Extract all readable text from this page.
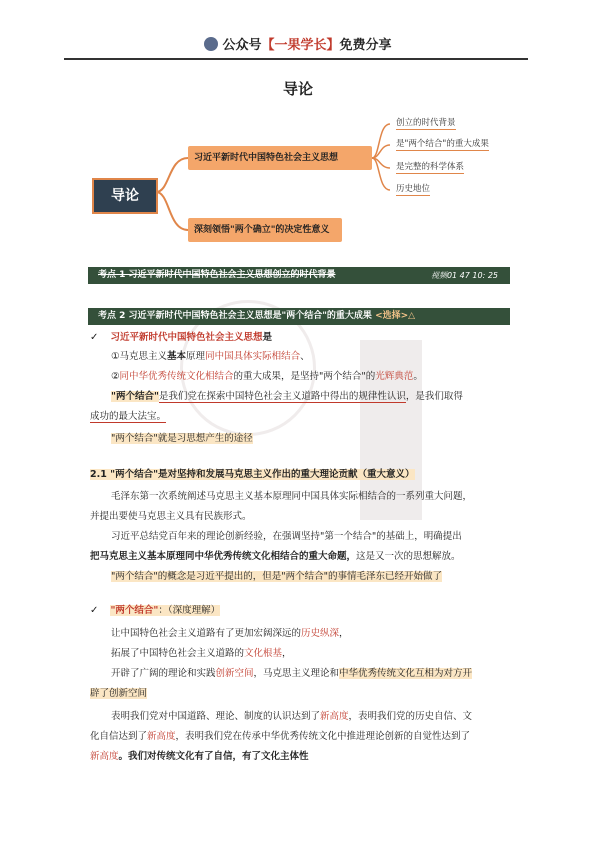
公众号【一果学长】免费分享
导论
导论
习近平新时代中国特色社会主义思想
深刻领悟"两个确立"的决定性意义
创立的时代背景
是"两个结合"的重大成果
是完整的科学体系
历史地位
考点 1 习近平新时代中国特色社会主义思想创立的时代背景	视频01 47 10: 25
考点 2 习近平新时代中国特色社会主义思想是"两个结合"的重大成果 <选择>△
✓ 习近平新时代中国特色社会主义思想是
①马克思主义基本原理同中国具体实际相结合、
②同中华优秀传统文化相结合的重大成果，是坚持"两个结合"的光辉典范。
"两个结合"是我们党在探索中国特色社会主义道路中得出的规律性认识，是我们取得
成功的最大法宝。
"两个结合"就是习思想产生的途径
2.1 "两个结合"是对坚持和发展马克思主义作出的重大理论贡献（重大意义）
毛泽东第一次系统阐述马克思主义基本原理同中国具体实际相结合的一系列重大问题，
并提出要使马克思主义具有民族形式。
习近平总结党百年来的理论创新经验，在强调坚持"第一个结合"的基础上，明确提出
把马克思主义基本原理同中华优秀传统文化相结合的重大命题，这是又一次的思想解放。
"两个结合"的概念是习近平提出的，但是"两个结合"的事情毛泽东已经开始做了
✓ "两个结合"：（深度理解）
让中国特色社会主义道路有了更加宏阔深远的历史纵深，
拓展了中国特色社会主义道路的文化根基，
开辟了广阔的理论和实践创新空间，马克思主义理论和中华优秀传统文化互相为对方开
辟了创新空间
表明我们党对中国道路、理论、制度的认识达到了新高度，表明我们党的历史自信、文
化自信达到了新高度，表明我们党在传承中华优秀传统文化中推进理论创新的自觉性达到了
新高度。我们对传统文化有了自信，有了文化主体性
